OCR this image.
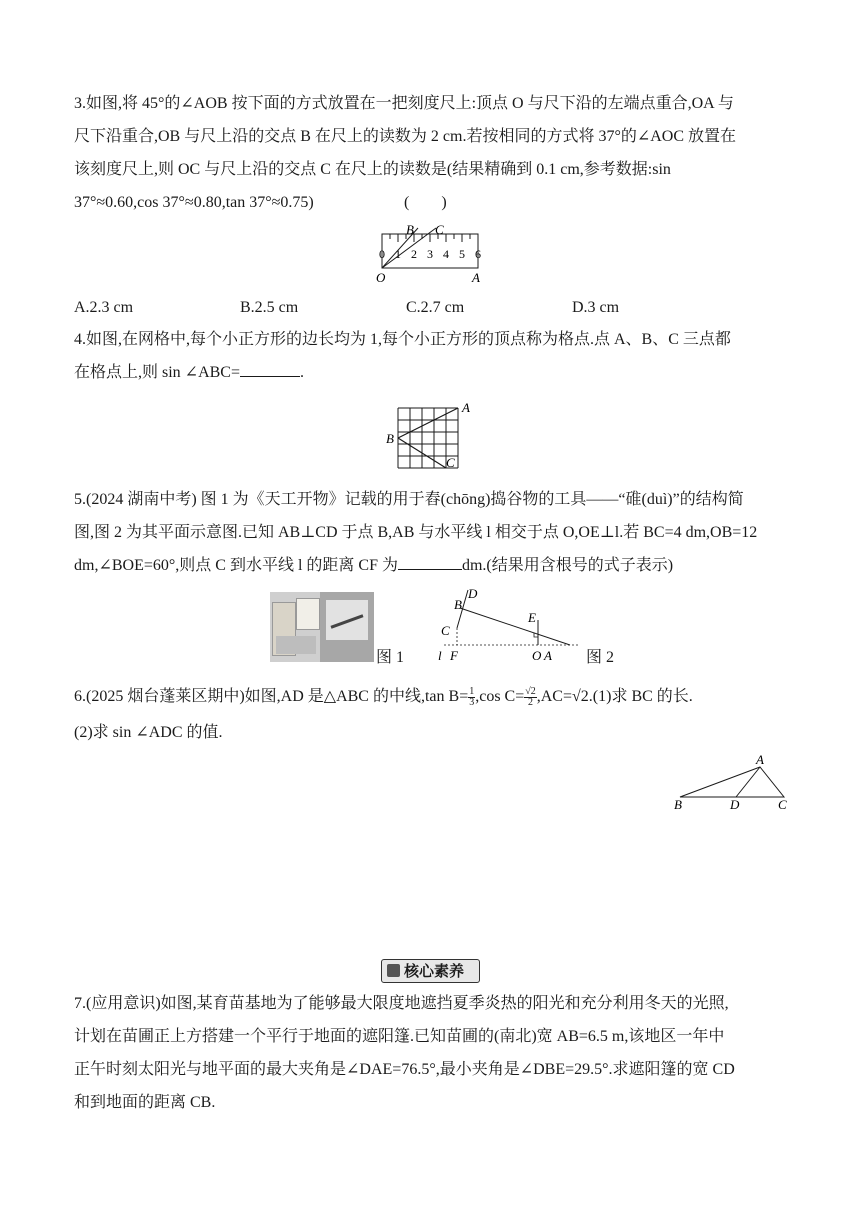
3.如图,将 45°的∠AOB 按下面的方式放置在一把刻度尺上:顶点 O 与尺下沿的左端点重合,OA 与
尺下沿重合,OB 与尺上沿的交点 B 在尺上的读数为 2 cm.若按相同的方式将 37°的∠AOC 放置在
该刻度尺上,则 OC 与尺上沿的交点 C 在尺上的读数是(结果精确到 0.1 cm,参考数据:sin
37°≈0.60,cos 37°≈0.80,tan 37°≈0.75)	(        )
0 1 2 3 4 5 6
B C
O	A
A.2.3 cm	B.2.5 cm	C.2.7 cm	D.3 cm
4.如图,在网格中,每个小正方形的边长均为 1,每个小正方形的顶点称为格点.点 A、B、C 三点都
在格点上,则 sin ∠ABC=	.
A
B
C
5.(2024 湖南中考) 图 1 为《天工开物》记载的用于舂(chōng)捣谷物的工具——“碓(duì)”的结构简
图,图 2 为其平面示意图.已知 AB⊥CD 于点 B,AB 与水平线 l 相交于点 O,OE⊥l.若 BC=4 dm,OB=12
dm,∠BOE=60°,则点 C 到水平线 l 的距离 CF 为	dm.(结果用含根号的式子表示)
图 1
D
B
C
E
l F	O A 图 2
6.(2025 烟台蓬莱区期中)如图,AD 是△ABC 的中线,tan $B= \frac{1}{3} ,\cos$ $C= \frac{√2}{2} ,AC=√2.(1)$求 BC 的长.
(2)求 sin ∠ADC 的值.
A
B	D	C
核心素养
7.(应用意识)如图,某育苗基地为了能够最大限度地遮挡夏季炎热的阳光和充分利用冬天的光照,
计划在苗圃正上方搭建一个平行于地面的遮阳篷.已知苗圃的(南北)宽 AB=6.5 m,该地区一年中
正午时刻太阳光与地平面的最大夹角是∠DAE=76.5°,最小夹角是∠DBE=29.5°.求遮阳篷的宽 CD
和到地面的距离 CB.
